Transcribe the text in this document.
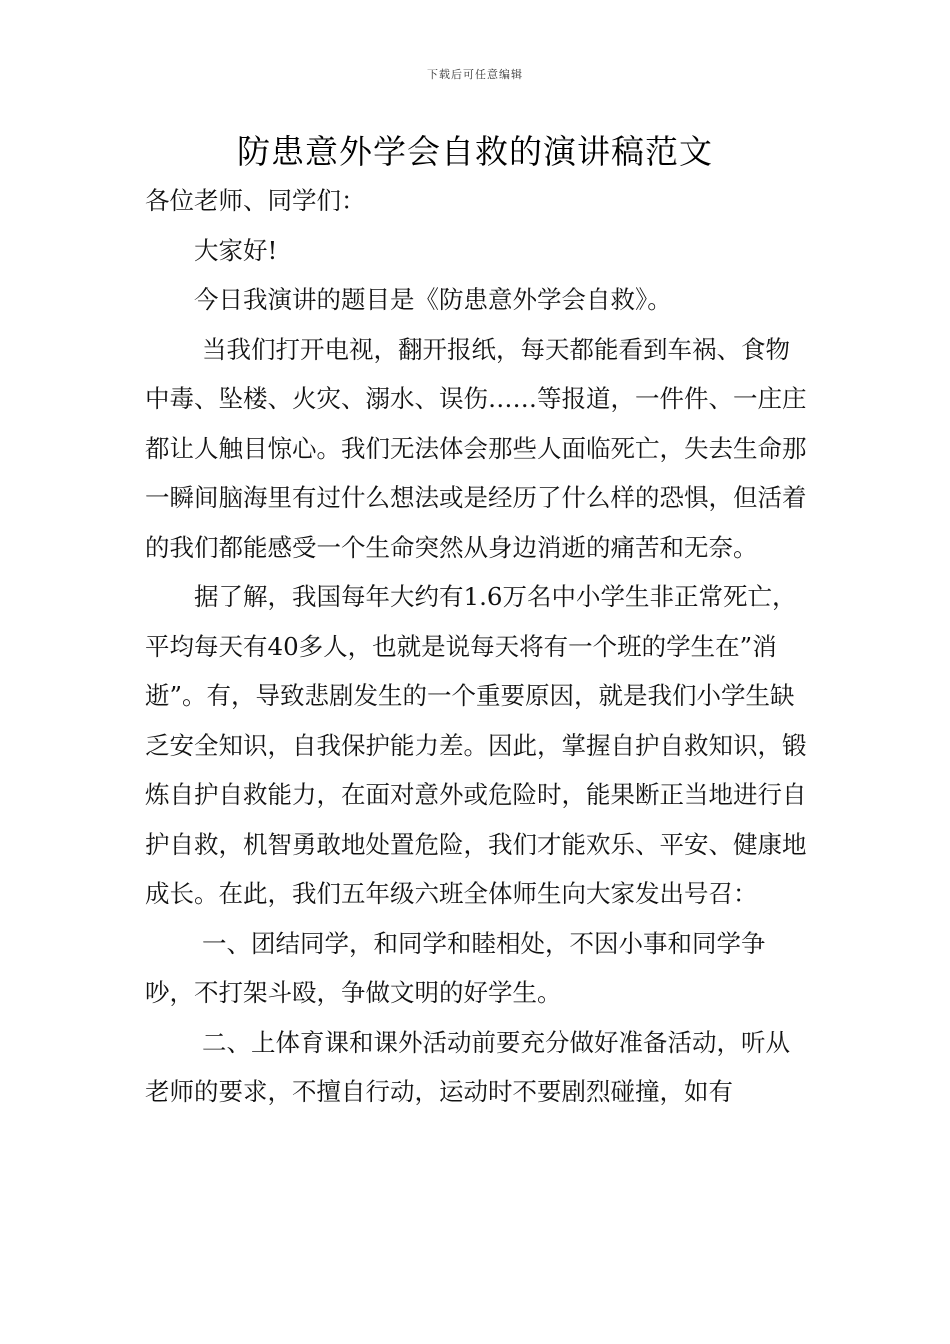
下载后可任意编辑
防患意外学会自救的演讲稿范文

各位老师、同学们：

大家好!

今日我演讲的题目是《防患意外学会自救》。

当我们打开电视，翻开报纸，每天都能看到车祸、食物中毒、坠楼、火灾、溺水、误伤……等报道，一件件、一庄庄都让人触目惊心。我们无法体会那些人面临死亡，失去生命那一瞬间脑海里有过什么想法或是经历了什么样的恐惧，但活着的我们都能感受一个生命突然从身边消逝的痛苦和无奈。

据了解，我国每年大约有1.6万名中小学生非正常死亡，平均每天有40多人，也就是说每天将有一个班的学生在”消逝”。有，导致悲剧发生的一个重要原因，就是我们小学生缺乏安全知识，自我保护能力差。因此，掌握自护自救知识，锻炼自护自救能力，在面对意外或危险时，能果断正当地进行自护自救，机智勇敢地处置危险，我们才能欢乐、平安、健康地成长。在此，我们五年级六班全体师生向大家发出号召：

一、团结同学，和同学和睦相处，不因小事和同学争吵，不打架斗殴，争做文明的好学生。

二、上体育课和课外活动前要充分做好准备活动，听从老师的要求，不擅自行动，运动时不要剧烈碰撞，如有
